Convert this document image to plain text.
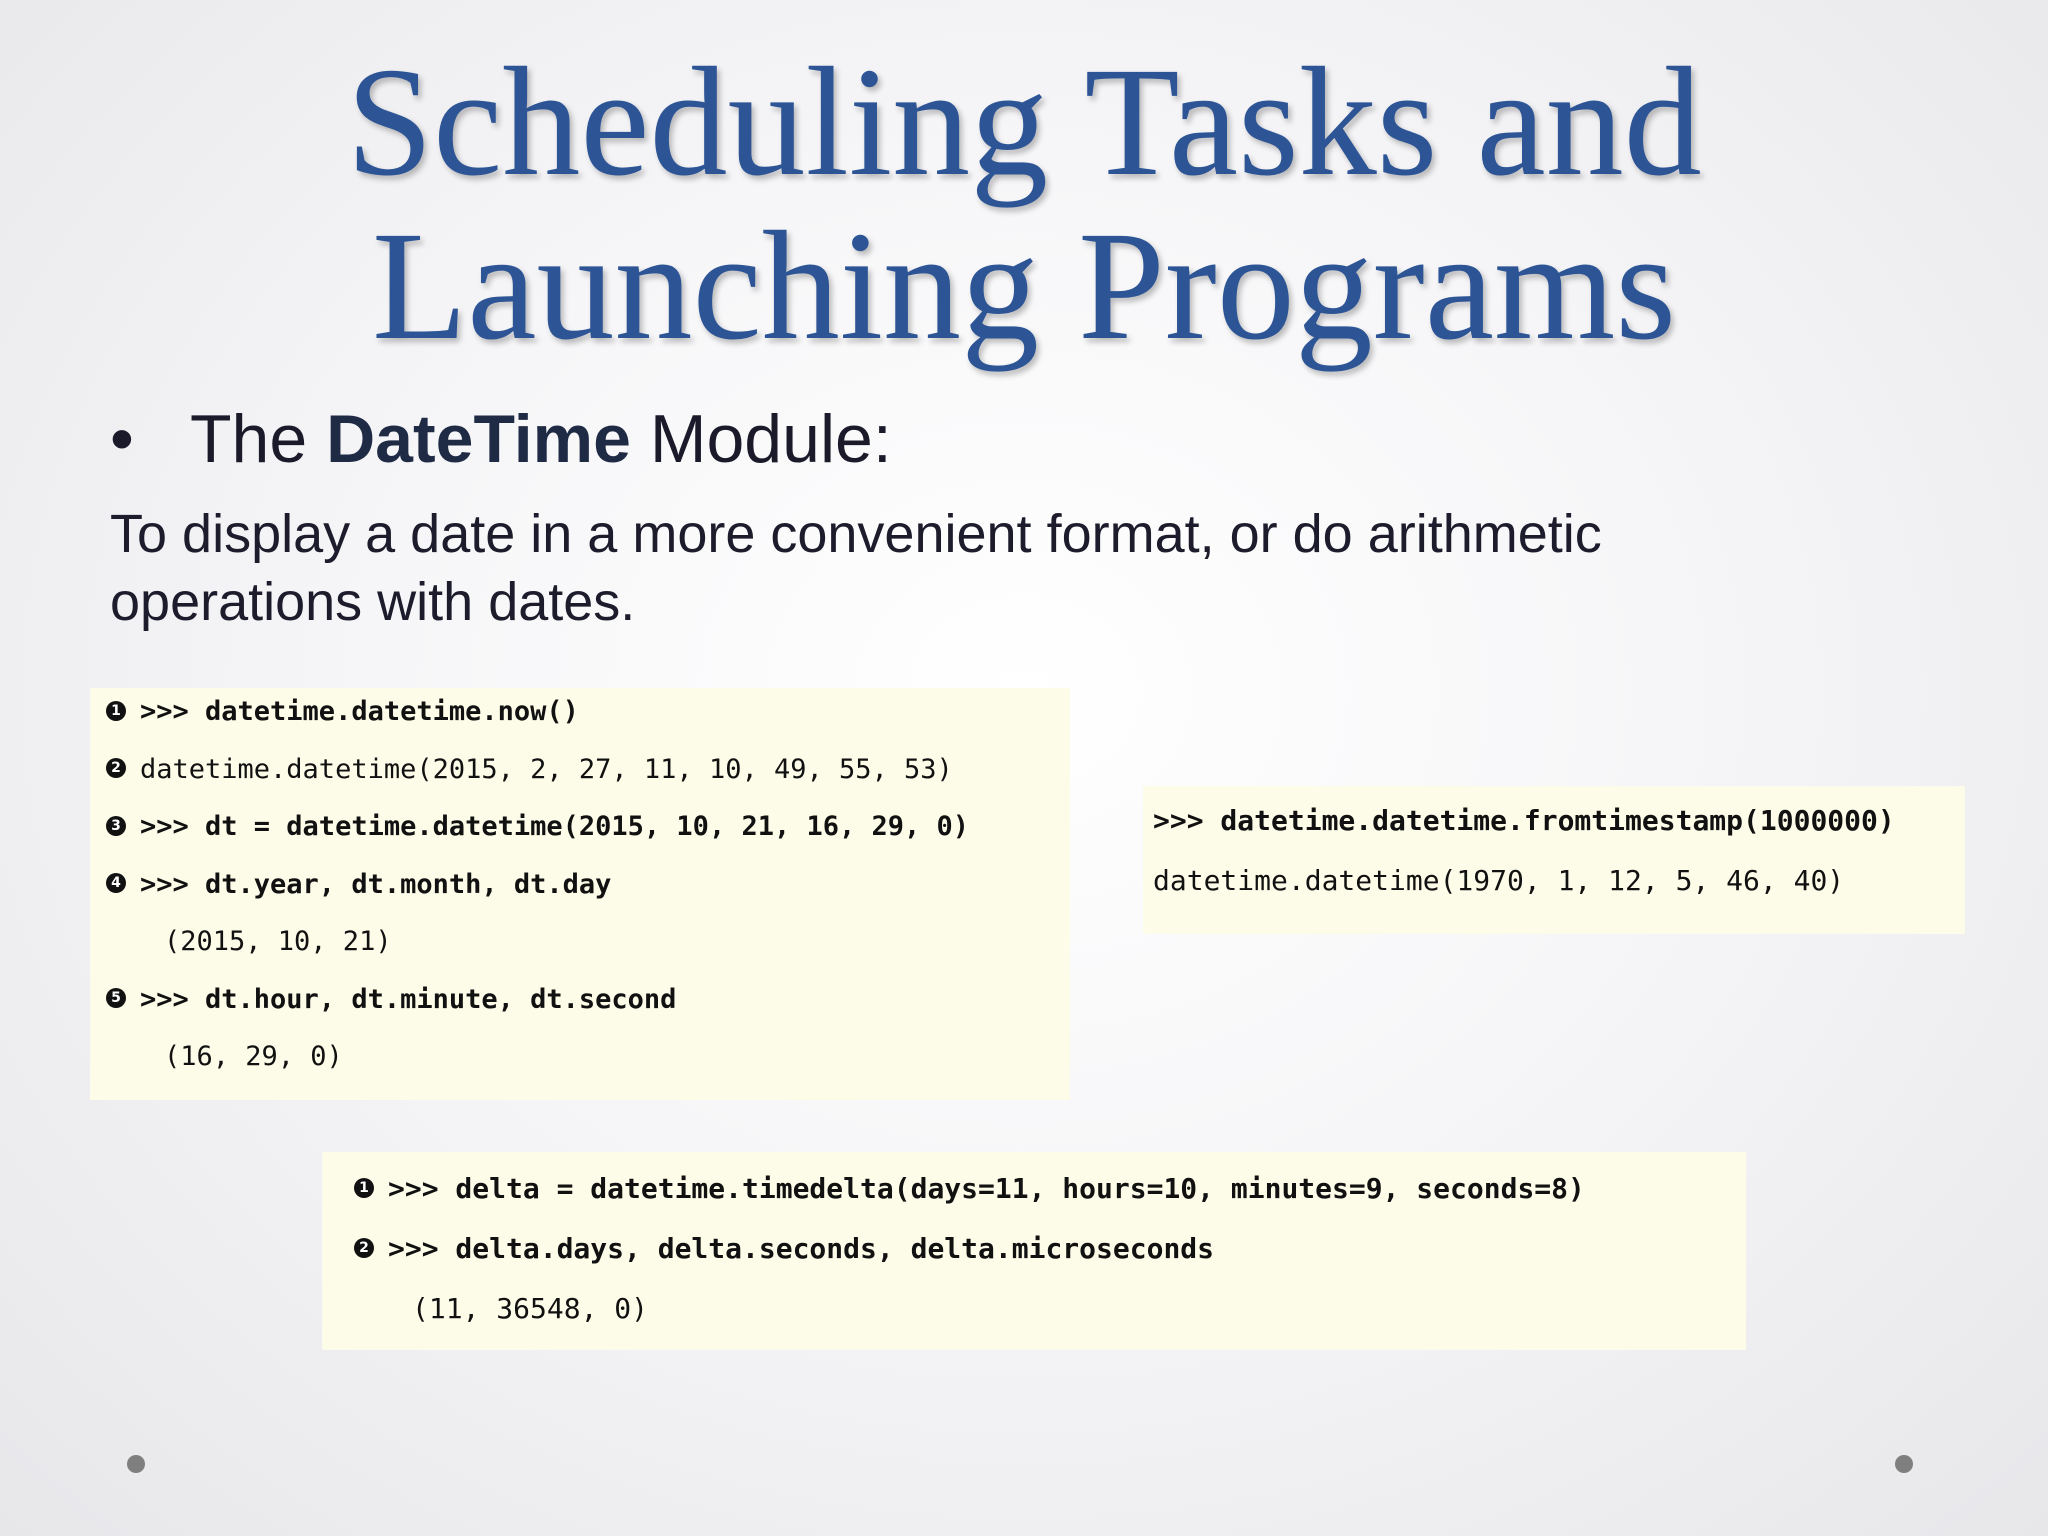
Scheduling Tasks and
Launching Programs
• The DateTime Module:
To display a date in a more convenient format, or do arithmetic operations with dates.
1 >>> datetime.datetime.now()
2 datetime.datetime(2015, 2, 27, 11, 10, 49, 55, 53)
3 >>> dt = datetime.datetime(2015, 10, 21, 16, 29, 0)
4 >>> dt.year, dt.month, dt.day
(2015, 10, 21)
5 >>> dt.hour, dt.minute, dt.second
(16, 29, 0)
>>> datetime.datetime.fromtimestamp(1000000)
datetime.datetime(1970, 1, 12, 5, 46, 40)
1 >>> delta = datetime.timedelta(days=11, hours=10, minutes=9, seconds=8)
2 >>> delta.days, delta.seconds, delta.microseconds
(11, 36548, 0)
